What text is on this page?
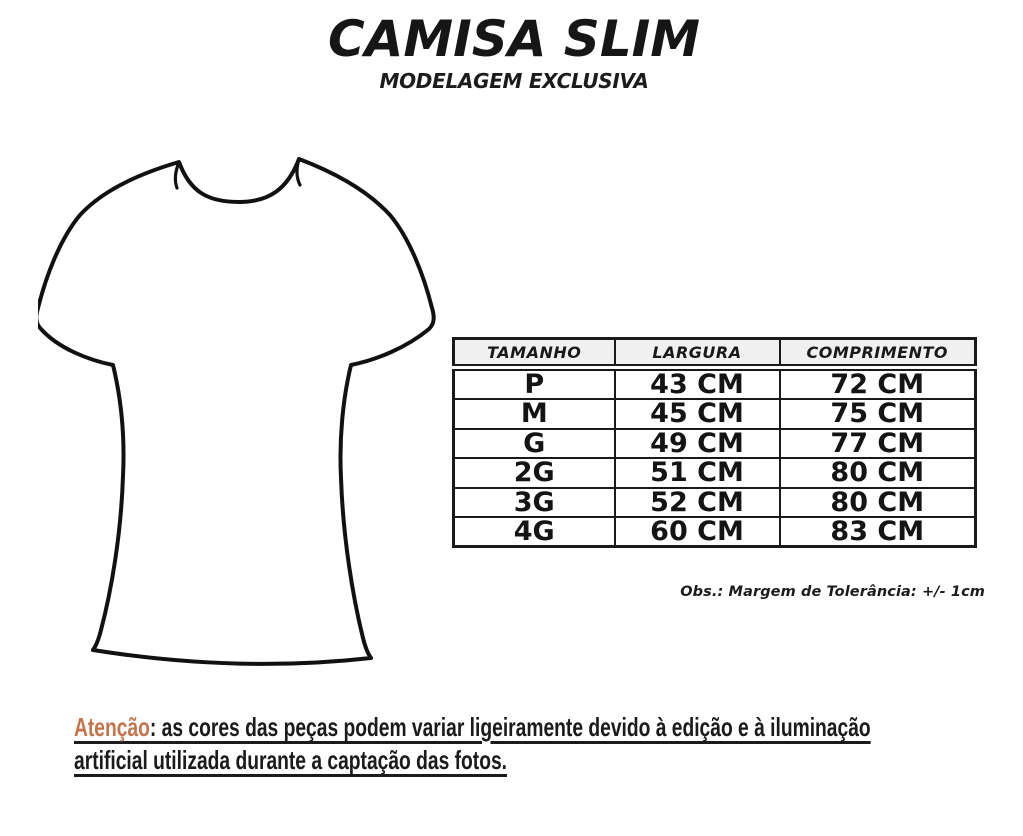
CAMISA SLIM
MODELAGEM EXCLUSIVA
TAMANHO	LARGURA	COMPRIMENTO
P	43 CM	72 CM
M	45 CM	75 CM
G	49 CM	77 CM
2G	51 CM	80 CM
3G	52 CM	80 CM
4G	60 CM	83 CM
Obs.: Margem de Tolerância: +/- 1cm
Atenção: as cores das peças podem variar ligeiramente devido à edição e à iluminação
artificial utilizada durante a captação das fotos.
